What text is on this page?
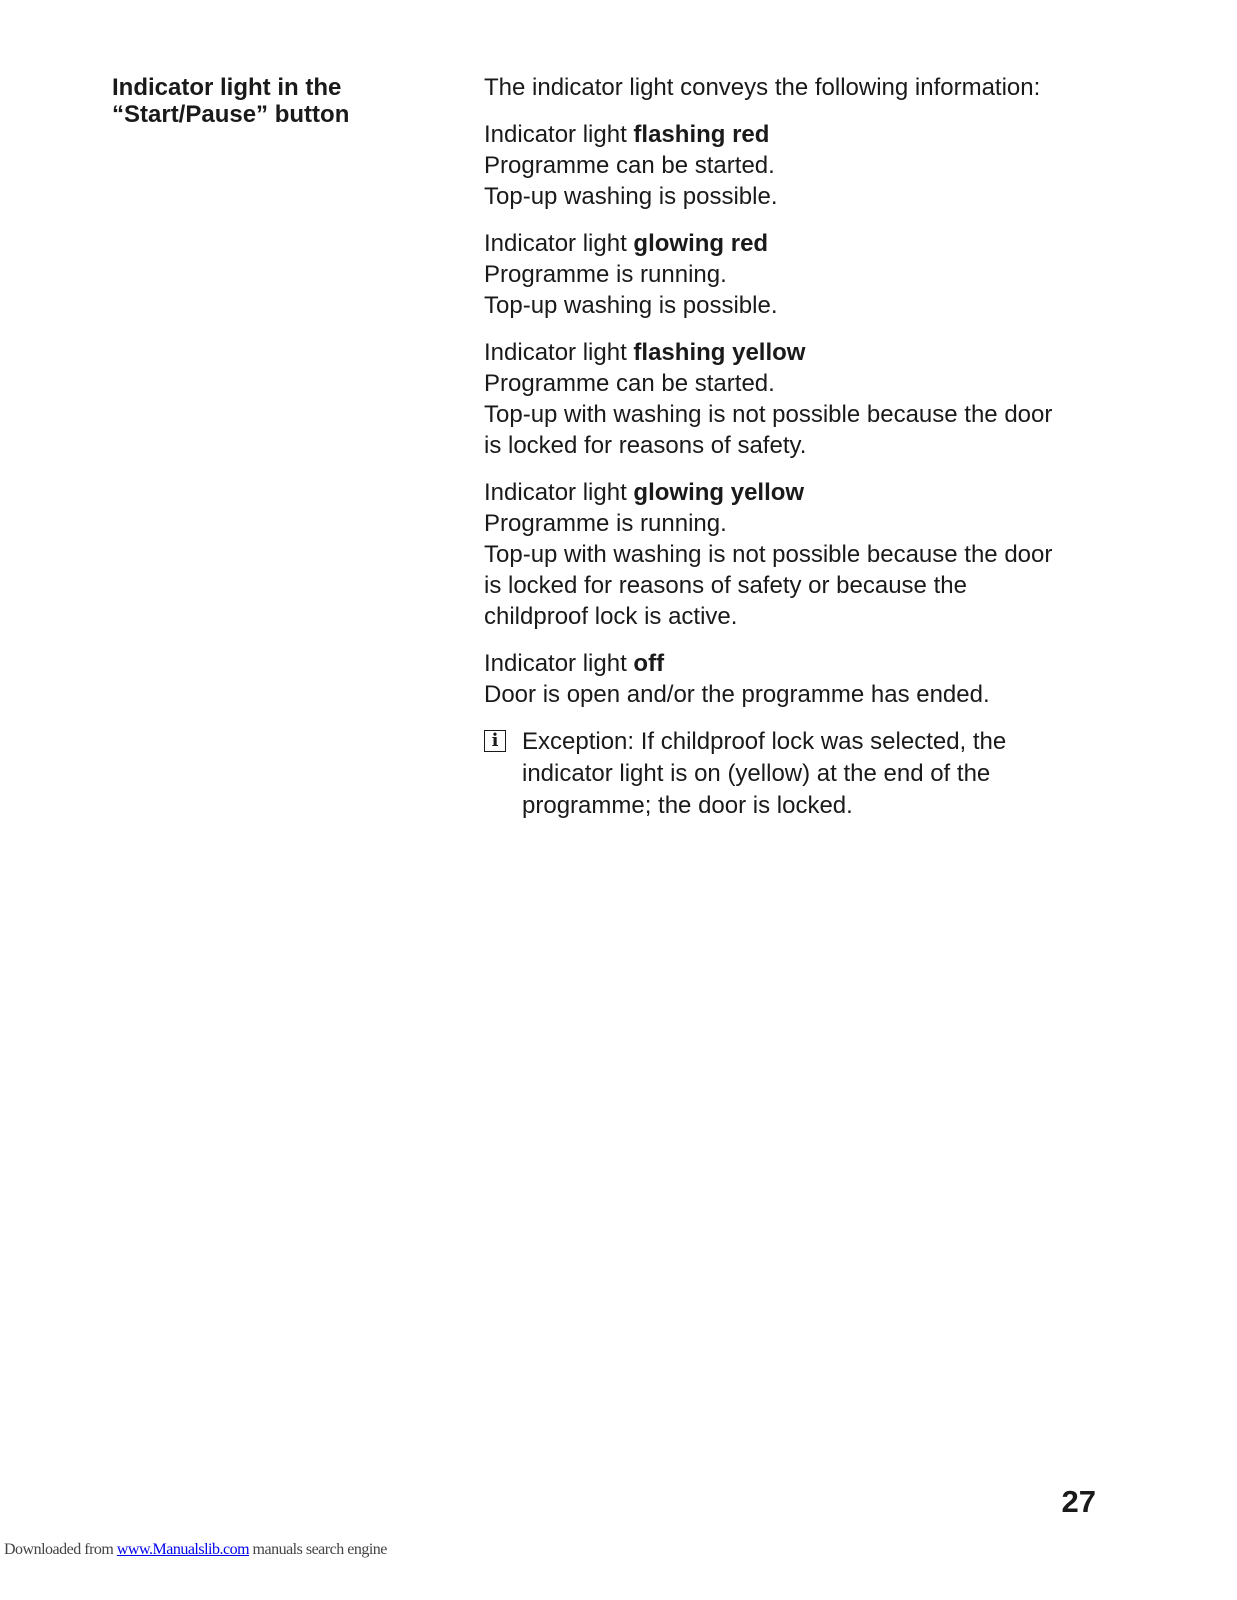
Indicator light in the
“Start/Pause” button
The indicator light conveys the following information:
Indicator light flashing red
Programme can be started.
Top-up washing is possible.
Indicator light glowing red
Programme is running.
Top-up washing is possible.
Indicator light flashing yellow
Programme can be started.
Top-up with washing is not possible because the door
is locked for reasons of safety.
Indicator light glowing yellow
Programme is running.
Top-up with washing is not possible because the door
is locked for reasons of safety or because the
childproof lock is active.
Indicator light off
Door is open and/or the programme has ended.
i Exception: If childproof lock was selected, the
indicator light is on (yellow) at the end of the
programme; the door is locked.
27
Downloaded from www.Manualslib.com manuals search engine
